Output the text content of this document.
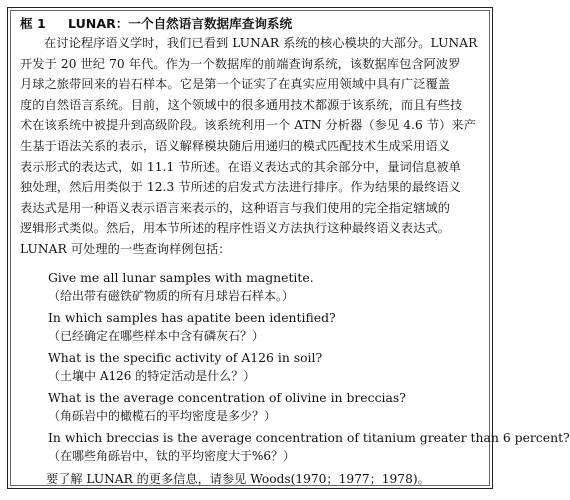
框 1 LUNAR：一个自然语言数据库查询系统

在讨论程序语义学时，我们已看到 LUNAR 系统的核心模块的大部分。LUNAR

开发于 20 世纪 70 年代。作为一个数据库的前端查询系统，该数据库包含阿波罗

月球之旅带回来的岩石样本。它是第一个证实了在真实应用领域中具有广泛覆盖

度的自然语言系统。目前，这个领域中的很多通用技术都源于该系统，而且有些技

术在该系统中被提升到高级阶段。该系统利用一个 ATN 分析器（参见 4.6 节）来产

生基于语法关系的表示，语义解释模块随后用递归的模式匹配技术生成采用语义

表示形式的表达式，如 11.1 节所述。在语义表达式的其余部分中，量词信息被单

独处理，然后用类似于 12.3 节所述的启发式方法进行排序。作为结果的最终语义

表达式是用一种语义表示语言来表示的，这种语言与我们使用的完全指定辖域的

逻辑形式类似。然后，用本节所述的程序性语义方法执行这种最终语义表达式。

LUNAR 可处理的一些查询样例包括：

Give me all lunar samples with magnetite.

（给出带有磁铁矿物质的所有月球岩石样本。）

In which samples has apatite been identified?

（已经确定在哪些样本中含有磷灰石？）

What is the specific activity of A126 in soil?

（土壤中 A126 的特定活动是什么？）

What is the average concentration of olivine in breccias?

（角砾岩中的橄榄石的平均密度是多少？）

In which breccias is the average concentration of titanium greater than 6 percent?

（在哪些角砾岩中，钛的平均密度大于%6？）

要了解 LUNAR 的更多信息，请参见 Woods(1970；1977；1978)。
